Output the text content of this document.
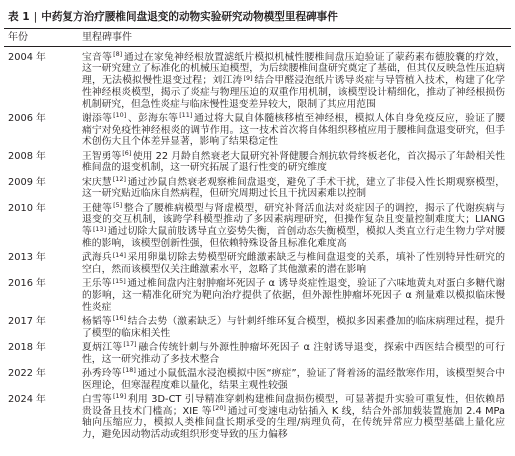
表 1 | 中药复方治疗腰椎间盘退变的动物实验研究动物模型里程碑事件
年份	里程碑事件
2004 年	宝音等[8] 通过在家兔神经根放置滤纸片模拟机械性腰椎间盘压迫验证了蒙药素布德胶囊的疗效，这一研究建立了标准化的机械压迫模型，为后续腰椎间盘研究奠定了基础，但其仅反映急性压迫病理，无法模拟慢性退变过程；刘江涛[9] 结合甲醛浸泡纸片诱导炎症与导管植入技术，构建了化学性神经根炎模型，揭示了炎症与物理压迫的双重作用机制，该模型设计精细化，推动了神经根损伤机制研究，但急性炎症与临床慢性退变差异较大，限制了其应用范围
2006 年	谢添等[10] 、彭海东等[11] 通过将大鼠自体髓核移植至神经根，模拟人体自身免疫反应，验证了腰痛宁对免疫性神经根炎的调节作用。这一技术首次将自体组织移植应用于腰椎间盘退变研究，但手术创伤大且个体差异显著，影响了结果稳定性
2008 年	王智勇等[6] 使用 22 月龄自然衰老大鼠研究补肾健腰合剂抗软骨终板老化，首次揭示了年龄相关性椎间盘的退变机制，这一研究拓展了退行性变的研究维度
2009 年	宋庆慧[12] 通过沙鼠自然衰老观察椎间盘退变，避免了手术干扰，建立了非侵入性长期观察模型，这一研究贴近临床自然病程，但研究周期过长且干扰因素难以控制
2010 年	王健等[5] 整合了腰椎病模型与肾虚模型，研究补肾活血法对炎症因子的调控，揭示了代谢疾病与退变的交互机制，该跨学科模型推动了多因素病理研究，但操作复杂且变量控制难度大；LIANG 等[13] 通过切除大鼠前肢诱导直立姿势失衡，首创动态失衡模型，模拟人类直立行走生物力学对腰椎的影响，该模型创新性强，但依赖特殊设备且标准化难度高
2013 年	武海兵[14] 采用卵巢切除去势模型研究雌激素缺乏与椎间盘退变的关系，填补了性别特异性研究的空白，然而该模型仅关注雌激素水平，忽略了其他激素的潜在影响
2016 年	王乐等[15] 通过椎间盘内注射肿瘤坏死因子 α 诱导炎症性退变，验证了六味地黄丸对蛋白多糖代谢的影响，这一精准化研究为靶向治疗提供了依据，但外源性肿瘤坏死因子 α 剂量难以模拟临床慢性炎症
2017 年	杨韬等[16] 结合去势（激素缺乏）与针刺纤维环复合模型，模拟多因素叠加的临床病理过程，提升了模型的临床相关性
2018 年	夏炳江等[17] 融合传统针刺与外源性肿瘤坏死因子 α 注射诱导退变，探索中西医结合模型的可行性，这一研究推动了多技术整合
2022 年	孙秀玲等[18] 通过小鼠低温水浸泡模拟中医“痹症”，验证了肾着汤的温经散寒作用，该模型契合中医理论，但寒湿程度难以量化，结果主观性较强
2024 年	白雪等[19] 利用 3D-CT 引导精准穿刺构建椎间盘损伤模型，可显著提升实验可重复性，但依赖昂贵设备且技术门槛高；XIE 等[20] 通过可变速电动钻插入 K 线，结合外部加载装置施加 2.4 MPa 轴向压缩应力，模拟人类椎间盘长期承受的生理/病理负荷，在传统异常应力模型基础上量化应力，避免因动物活动或组织形变导致的压力偏移
